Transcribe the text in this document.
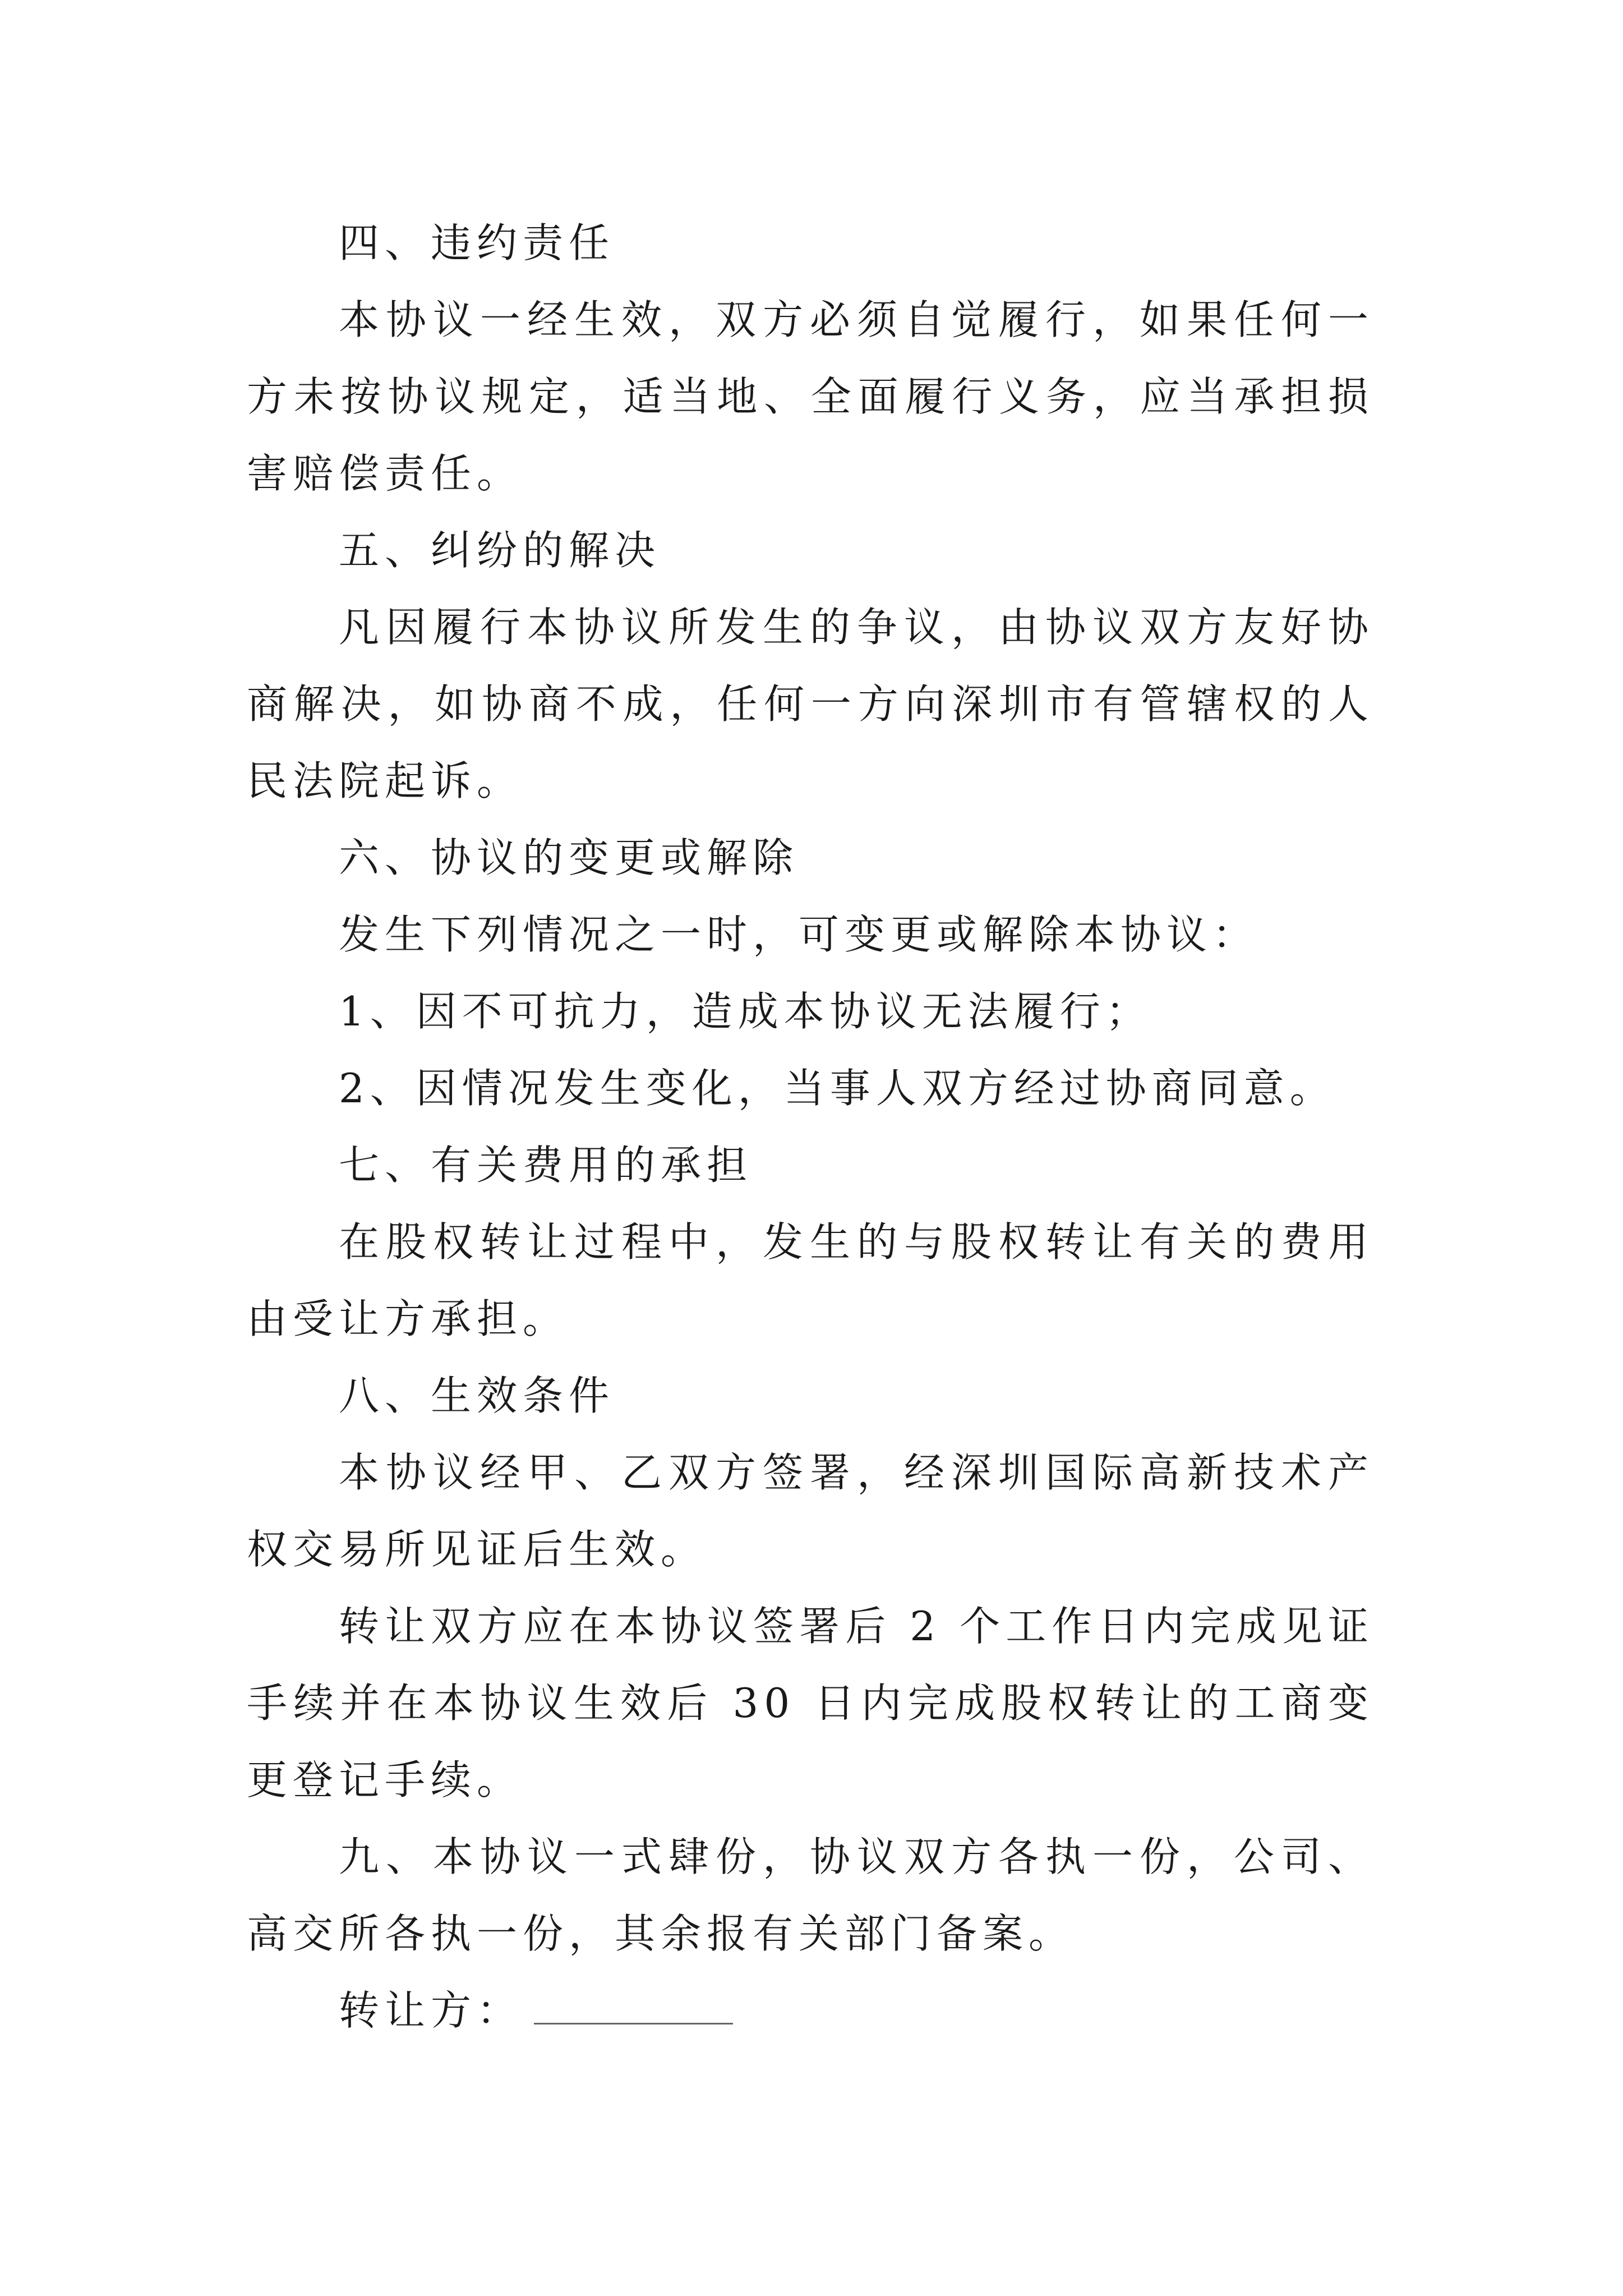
四、违约责任

本协议一经生效，双方必须自觉履行，如果任何一方未按协议规定，适当地、全面履行义务，应当承担损害赔偿责任。

五、纠纷的解决

凡因履行本协议所发生的争议，由协议双方友好协商解决，如协商不成，任何一方向深圳市有管辖权的人民法院起诉。

六、协议的变更或解除

发生下列情况之一时，可变更或解除本协议：

1、因不可抗力，造成本协议无法履行；

2、因情况发生变化，当事人双方经过协商同意。

七、有关费用的承担

在股权转让过程中，发生的与股权转让有关的费用由受让方承担。

八、生效条件

本协议经甲、乙双方签署，经深圳国际高新技术产权交易所见证后生效。

转让双方应在本协议签署后 2 个工作日内完成见证手续并在本协议生效后 30 日内完成股权转让的工商变更登记手续。

九、本协议一式肆份，协议双方各执一份，公司、高交所各执一份，其余报有关部门备案。

转让方：
